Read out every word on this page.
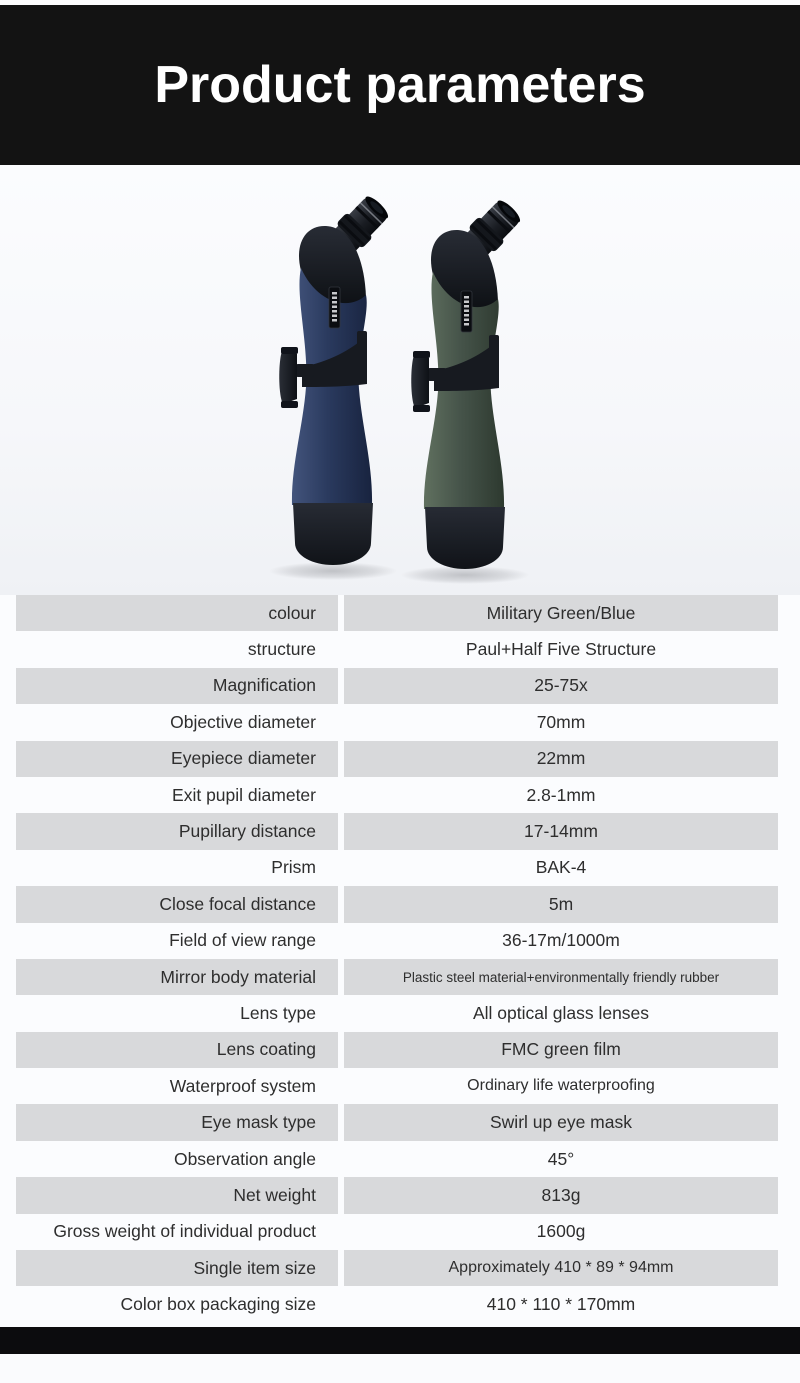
Product parameters
colour	Military Green/Blue
structure	Paul+Half Five Structure
Magnification	25-75x
Objective diameter	70mm
Eyepiece diameter	22mm
Exit pupil diameter	2.8-1mm
Pupillary distance	17-14mm
Prism	BAK-4
Close focal distance	5m
Field of view range	36-17m/1000m
Mirror body material	Plastic steel material+environmentally friendly rubber
Lens type	All optical glass lenses
Lens coating	FMC green film
Waterproof system	Ordinary life waterproofing
Eye mask type	Swirl up eye mask
Observation angle	45°
Net weight	813g
Gross weight of individual product	1600g
Single item size	Approximately 410 * 89 * 94mm
Color box packaging size	410 * 110 * 170mm
